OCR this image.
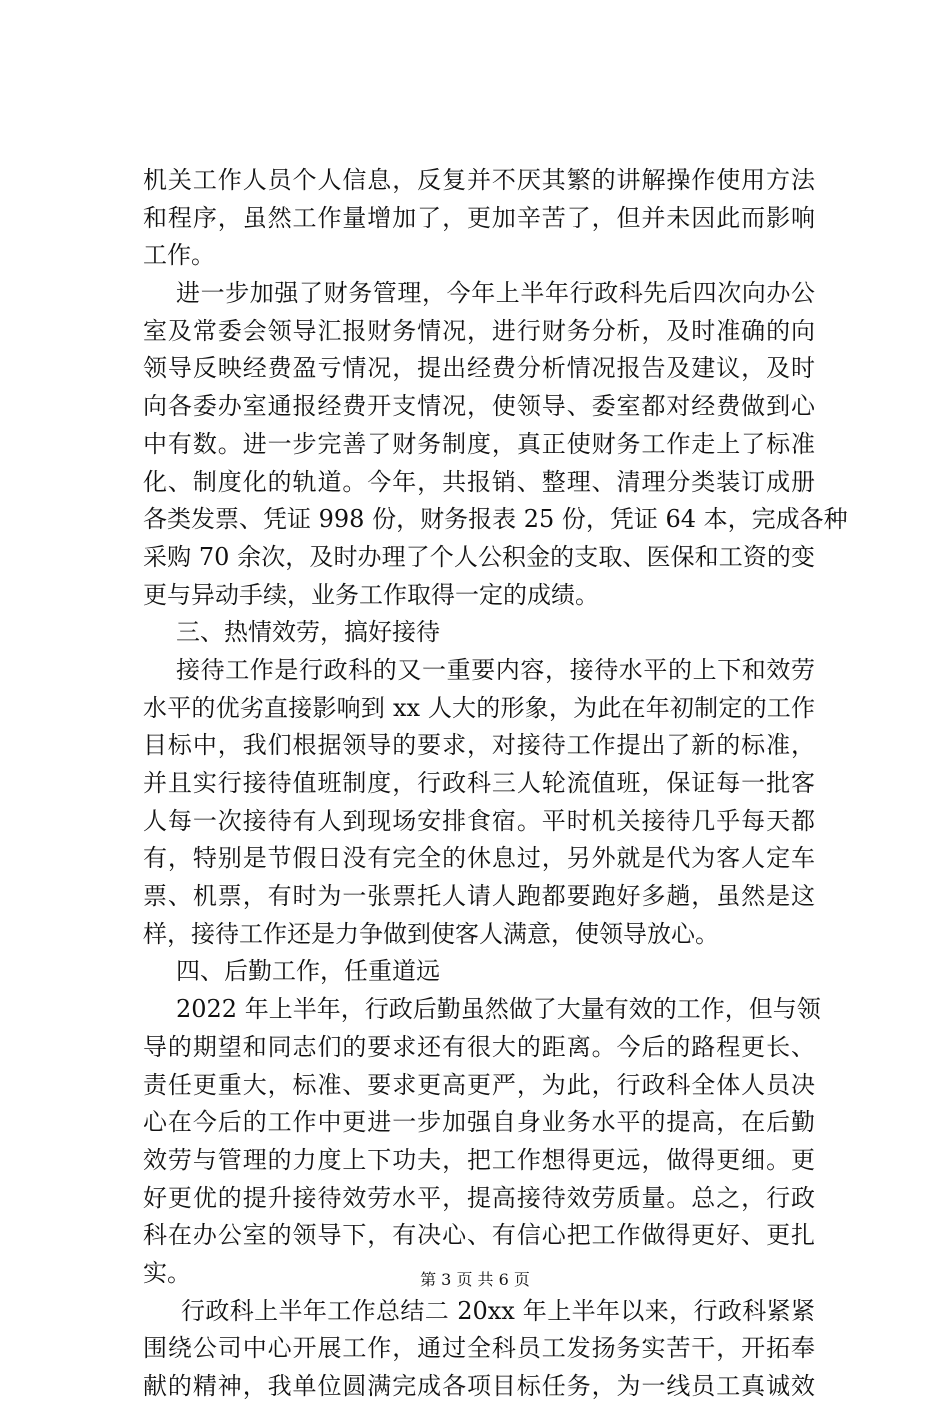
机关工作人员个人信息，反复并不厌其繁的讲解操作使用方法
和程序，虽然工作量增加了，更加辛苦了，但并未因此而影响
工作。
进一步加强了财务管理，今年上半年行政科先后四次向办公
室及常委会领导汇报财务情况，进行财务分析，及时准确的向
领导反映经费盈亏情况，提出经费分析情况报告及建议，及时
向各委办室通报经费开支情况，使领导、委室都对经费做到心
中有数。进一步完善了财务制度，真正使财务工作走上了标准
化、制度化的轨道。今年，共报销、整理、清理分类装订成册
各类发票、凭证 998 份，财务报表 25 份，凭证 64 本，完成各种
采购 70 余次，及时办理了个人公积金的支取、医保和工资的变
更与异动手续，业务工作取得一定的成绩。
三、热情效劳，搞好接待
接待工作是行政科的又一重要内容，接待水平的上下和效劳
水平的优劣直接影响到 xx 人大的形象，为此在年初制定的工作
目标中，我们根据领导的要求，对接待工作提出了新的标准，
并且实行接待值班制度，行政科三人轮流值班，保证每一批客
人每一次接待有人到现场安排食宿。平时机关接待几乎每天都
有，特别是节假日没有完全的休息过，另外就是代为客人定车
票、机票，有时为一张票托人请人跑都要跑好多趟，虽然是这
样，接待工作还是力争做到使客人满意，使领导放心。
四、后勤工作，任重道远
2022 年上半年，行政后勤虽然做了大量有效的工作，但与领
导的期望和同志们的要求还有很大的距离。今后的路程更长、
责任更重大，标准、要求更高更严，为此，行政科全体人员决
心在今后的工作中更进一步加强自身业务水平的提高，在后勤
效劳与管理的力度上下功夫，把工作想得更远，做得更细。更
好更优的提升接待效劳水平，提高接待效劳质量。总之，行政
科在办公室的领导下，有决心、有信心把工作做得更好、更扎
实。
行政科上半年工作总结二 20xx 年上半年以来，行政科紧紧
围绕公司中心开展工作，通过全科员工发扬务实苦干，开拓奉
献的精神，我单位圆满完成各项目标任务，为一线员工真诚效
第 3 页 共 6 页
